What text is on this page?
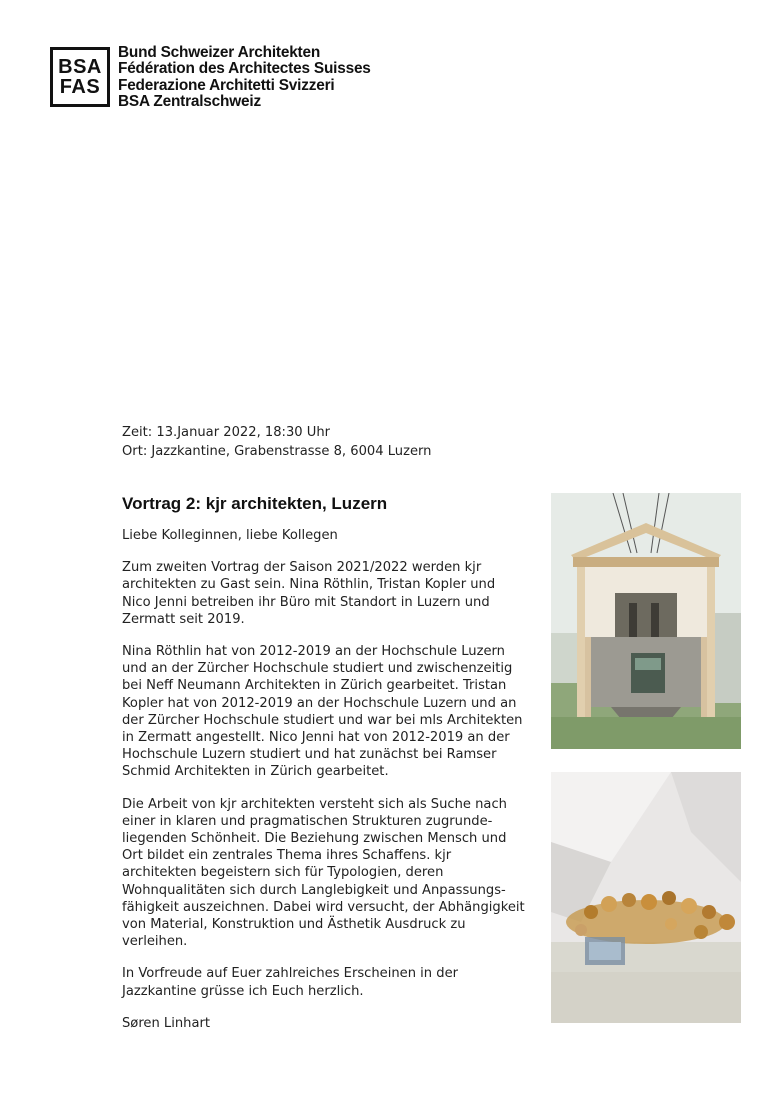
BSA
FAS
Bund Schweizer Architekten
Fédération des Architectes Suisses
Federazione Architetti Svizzeri
BSA Zentralschweiz
Zeit: 13.Januar 2022, 18:30 Uhr
Ort: Jazzkantine, Grabenstrasse 8, 6004 Luzern
Vortrag 2: kjr architekten, Luzern

Liebe Kolleginnen, liebe Kollegen

Zum zweiten Vortrag der Saison 2021/2022 werden kjr
architekten zu Gast sein. Nina Röthlin, Tristan Kopler und
Nico Jenni betreiben ihr Büro mit Standort in Luzern und
Zermatt seit 2019.

Nina Röthlin hat von 2012-2019 an der Hochschule Luzern
und an der Zürcher Hochschule studiert und zwischenzeitig
bei Neff Neumann Architekten in Zürich gearbeitet. Tristan
Kopler hat von 2012-2019 an der Hochschule Luzern und an
der Zürcher Hochschule studiert und war bei mls Architekten
in Zermatt angestellt. Nico Jenni hat von 2012-2019 an der
Hochschule Luzern studiert und hat zunächst bei Ramser
Schmid Architekten in Zürich gearbeitet.

Die Arbeit von kjr architekten versteht sich als Suche nach
einer in klaren und pragmatischen Strukturen zugrunde-
liegenden Schönheit. Die Beziehung zwischen Mensch und
Ort bildet ein zentrales Thema ihres Schaffens. kjr
architekten begeistern sich für Typologien, deren
Wohnqualitäten sich durch Langlebigkeit und Anpassungs-
fähigkeit auszeichnen. Dabei wird versucht, der Abhängigkeit
von Material, Konstruktion und Ästhetik Ausdruck zu
verleihen.

In Vorfreude auf Euer zahlreiches Erscheinen in der
Jazzkantine grüsse ich Euch herzlich.

Søren Linhart
